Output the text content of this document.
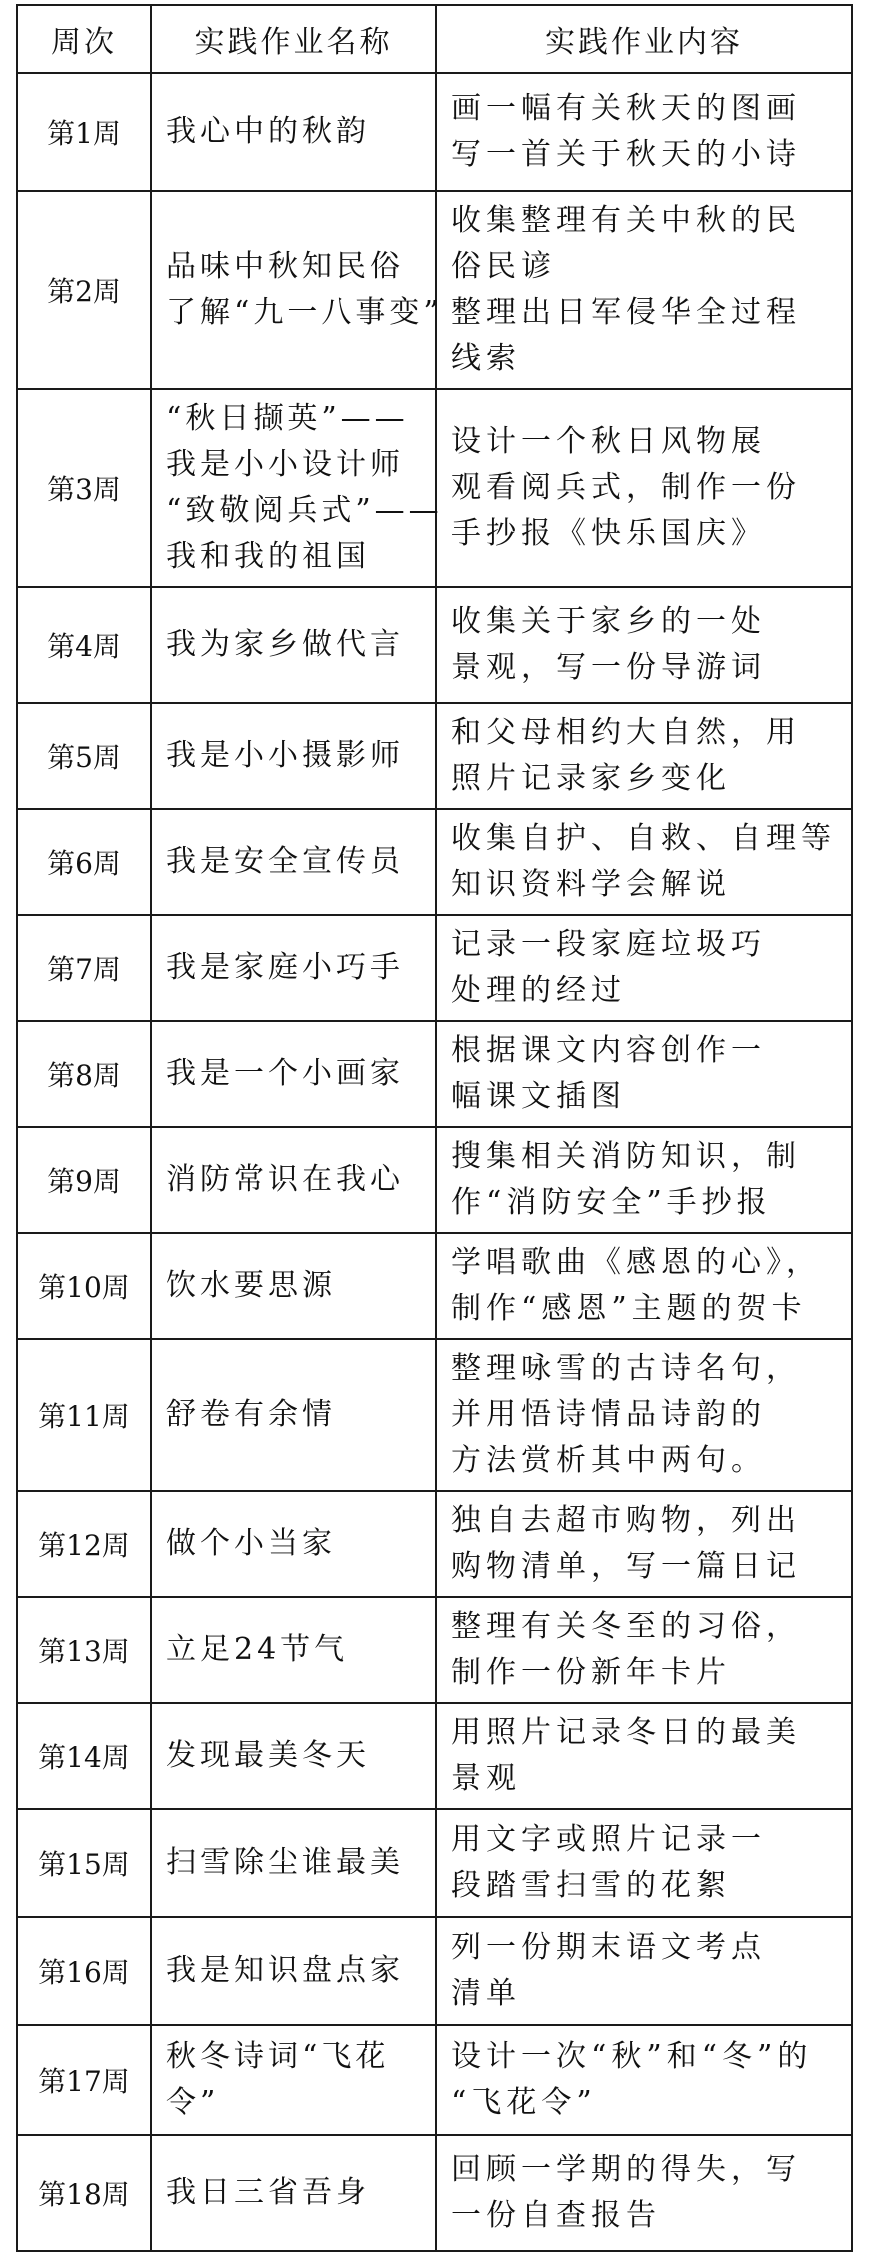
周次	实践作业名称	实践作业内容
第1周	我心中的秋韵	画一幅有关秋天的图画
写一首关于秋天的小诗

第2周	品味中秋知民俗
了解“九一八事变”	收集整理有关中秋的民
俗民谚
整理出日军侵华全过程
线索

第3周	“秋日撷英”——
我是小小设计师
“致敬阅兵式”——
我和我的祖国	设计一个秋日风物展
观看阅兵式，制作一份
手抄报《快乐国庆》

第4周	我为家乡做代言	收集关于家乡的一处
景观，写一份导游词

第5周	我是小小摄影师	和父母相约大自然，用
照片记录家乡变化

第6周	我是安全宣传员	收集自护、自救、自理等
知识资料学会解说

第7周	我是家庭小巧手	记录一段家庭垃圾巧
处理的经过

第8周	我是一个小画家	根据课文内容创作一
幅课文插图

第9周	消防常识在我心	搜集相关消防知识，制
作“消防安全”手抄报

第10周	饮水要思源	学唱歌曲《感恩的心》，
制作“感恩”主题的贺卡

第11周	舒卷有余情	整理咏雪的古诗名句，
并用悟诗情品诗韵的
方法赏析其中两句。

第12周	做个小当家	独自去超市购物，列出
购物清单，写一篇日记

第13周	立足24节气	整理有关冬至的习俗，
制作一份新年卡片

第14周	发现最美冬天	用照片记录冬日的最美
景观

第15周	扫雪除尘谁最美	用文字或照片记录一
段踏雪扫雪的花絮

第16周	我是知识盘点家	列一份期末语文考点
清单

第17周	秋冬诗词“飞花
令”	设计一次“秋”和“冬”的
“飞花令”

第18周	我日三省吾身	回顾一学期的得失，写
一份自查报告
